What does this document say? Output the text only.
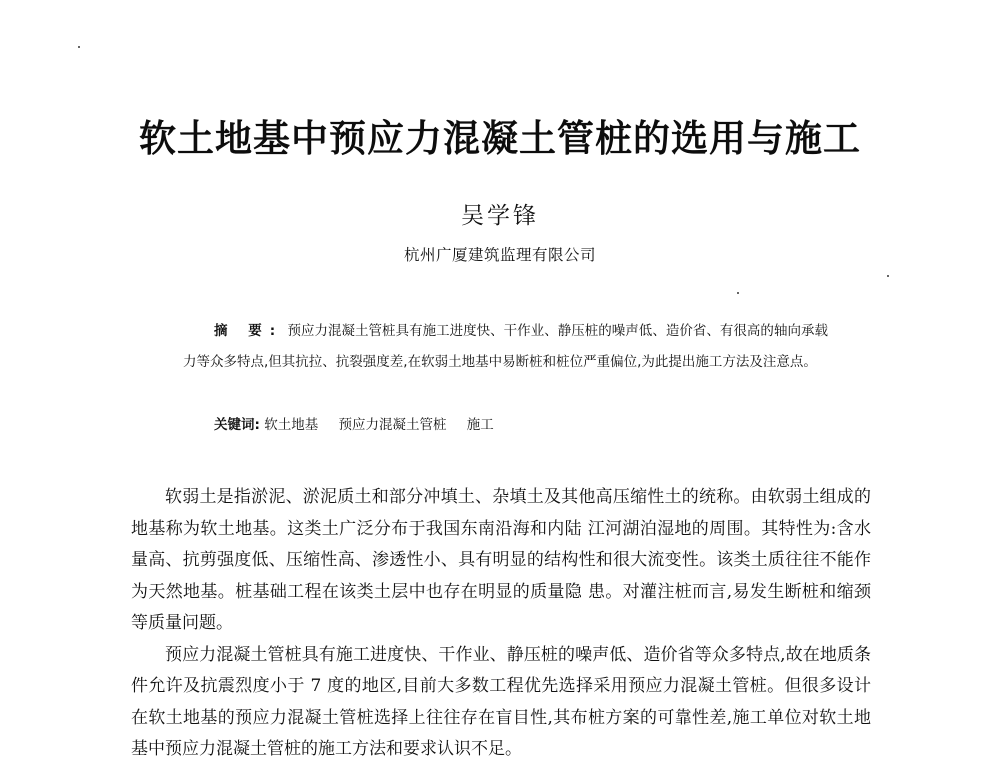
软土地基中预应力混凝土管桩的选用与施工
吴学锋
杭州广厦建筑监理有限公司
摘 要: 预应力混凝土管桩具有施工进度快、干作业、静压桩的噪声低、造价省、有很高的轴向承载力等众多特点,但其抗拉、抗裂强度差,在软弱土地基中易断桩和桩位严重偏位,为此提出施工方法及注意点。
关键词: 软土地基 预应力混凝土管桩 施工

软弱土是指淤泥、淤泥质土和部分冲填土、杂填土及其他高压缩性土的统称。由软弱土组成的地基称为软土地基。这类土广泛分布于我国东南沿海和内陆 江河湖泊湿地的周围。其特性为:含水量高、抗剪强度低、压缩性高、渗透性小、具有明显的结构性和很大流变性。该类土质往往不能作为天然地基。桩基础工程在该类土层中也存在明显的质量隐 患。对灌注桩而言,易发生断桩和缩颈等质量问题。

预应力混凝土管桩具有施工进度快、干作业、静压桩的噪声低、造价省等众多特点,故在地质条件允许及抗震烈度小于 7 度的地区,目前大多数工程优先选择采用预应力混凝土管桩。但很多设计在软土地基的预应力混凝土管桩选择上往往存在盲目性,其布桩方案的可靠性差,施工单位对软土地基中预应力混凝土管桩的施工方法和要求认识不足。
